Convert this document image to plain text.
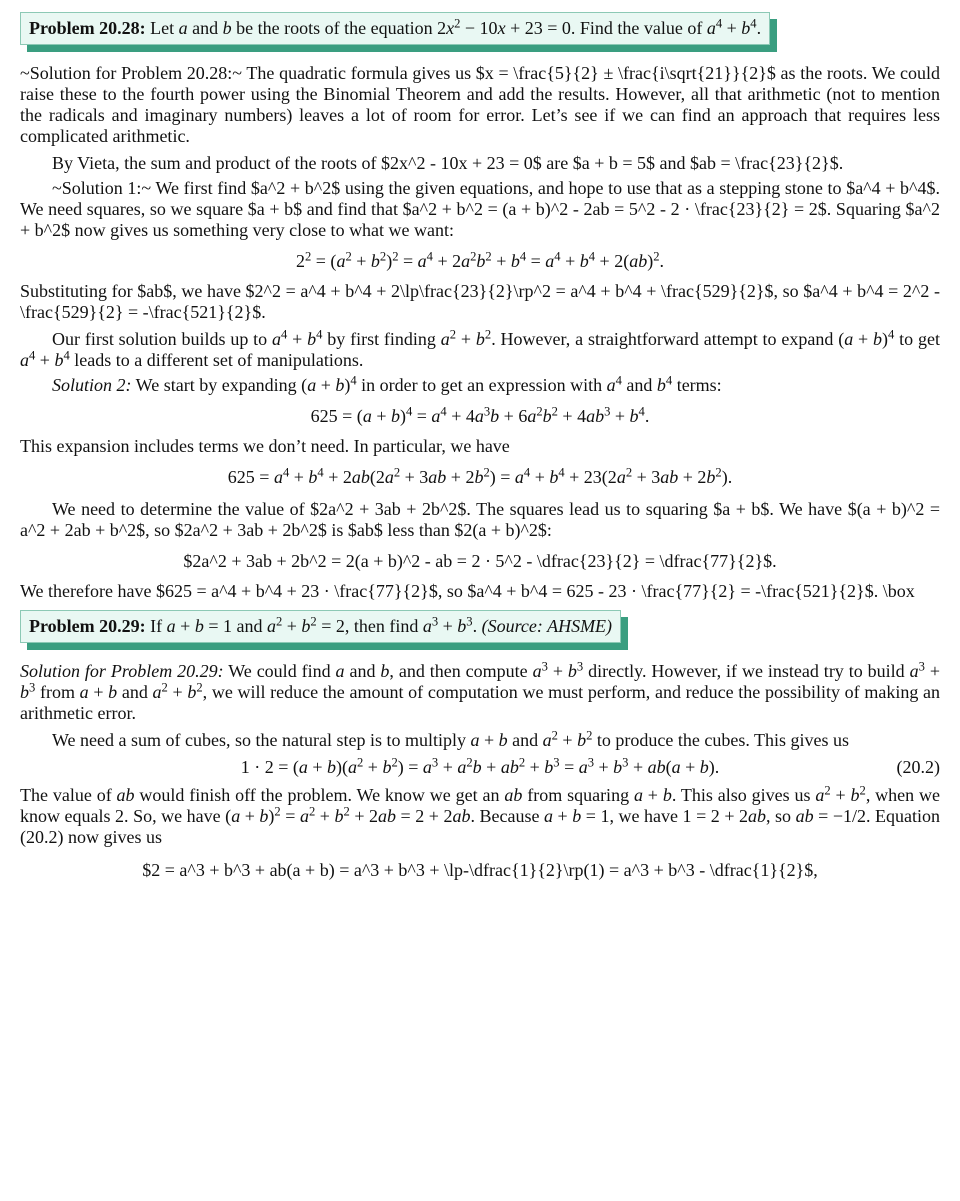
Problem 20.28: Let a and b be the roots of the equation $2x^2 - 10x + 23 = 0$. Find the value of $a^4 + b^4$.

~Solution for Problem 20.28:~ The quadratic formula gives us $x = \frac{5}{2} ± \frac{i\sqrt{21}}{2}$ as the roots. We could raise these to the fourth power using the Binomial Theorem and add the results. However, all that arithmetic (not to mention the radicals and imaginary numbers) leaves a lot of room for error. Let’s see if we can find an approach that requires less complicated arithmetic.

By Vieta, the sum and product of the roots of $2x^2 - 10x + 23 = 0$ are $a + b = 5$ and $ab = \frac{23}{2}$.

~Solution 1:~ We first find $a^2 + b^2$ using the given equations, and hope to use that as a stepping stone to $a^4 + b^4$. We need squares, so we square $a + b$ and find that $a^2 + b^2 = (a + b)^2 - 2ab = 5^2 - 2 · \frac{23}{2} = 2$. Squaring $a^2 + b^2$ now gives us something very close to what we want:

$2^2 = (a^2 + b^2)^2 = a^4 + 2a^2b^2 + b^4 = a^4 + b^4 + 2(ab)^2$.

Substituting for $ab$, we have $2^2 = a^4 + b^4 + 2\lp\frac{23}{2}\rp^2 = a^4 + b^4 + \frac{529}{2}$, so $a^4 + b^4 = 2^2 - \frac{529}{2} = -\frac{521}{2}$.

Our first solution builds up to $a^4 + b^4$ by first finding $a^2 + b^2$. However, a straightforward attempt to expand $(a + b)^4$ to get $a^4 + b^4$ leads to a different set of manipulations.

Solution 2: We start by expanding $(a + b)^4$ in order to get an expression with $a^4$ and $b^4$ terms:

$625 = (a + b)^4 = a^4 + 4a^3b + 6a^2b^2 + 4ab^3 + b^4$.

This expansion includes terms we don’t need. In particular, we have

$625 = a^4 + b^4 + 2ab(2a^2 + 3ab + 2b^2) = a^4 + b^4 + 23(2a^2 + 3ab + 2b^2)$.

We need to determine the value of $2a^2 + 3ab + 2b^2$. The squares lead us to squaring $a + b$. We have $(a + b)^2 = a^2 + 2ab + b^2$, so $2a^2 + 3ab + 2b^2$ is $ab$ less than $2(a + b)^2$:

$2a^2 + 3ab + 2b^2 = 2(a + b)^2 - ab = 2 · 5^2 - \dfrac{23}{2} = \dfrac{77}{2}$.

We therefore have $625 = a^4 + b^4 + 23 · \frac{77}{2}$, so $a^4 + b^4 = 625 - 23 · \frac{77}{2} = -\frac{521}{2}$. \box

Problem 20.29: If a + b = 1 and $a^2 + b^2 = 2$, then find $a^3 + b^3$. (Source: AHSME)

Solution for Problem 20.29: We could find a and b, and then compute $a^3 + b^3$ directly. However, if we instead try to build $a^3 + b^3$ from a + b and $a^2 + b^2$, we will reduce the amount of computation we must perform, and reduce the possibility of making an arithmetic error.

We need a sum of cubes, so the natural step is to multiply a + b and $a^2 + b^2$ to produce the cubes. This gives us

$1 \cdot 2 = (a + b)(a^2 + b^2) = a^3 + a^2b + ab^2 + b^3 = a^3 + b^3 + ab(a + b)$.	(20.2)

The value of ab would finish off the problem. We know we get an ab from squaring a + b. This also gives us $a^2 + b^2$, when we know equals 2. So, we have $(a + b)^2 = a^2 + b^2 + 2ab = 2 + 2ab$. Because a + b = 1, we have 1 = 2 + 2ab, so ab = −1/2. Equation (20.2) now gives us

$2 = a^3 + b^3 + ab(a + b) = a^3 + b^3 + \lp-\dfrac{1}{2}\rp(1) = a^3 + b^3 - \dfrac{1}{2}$,
